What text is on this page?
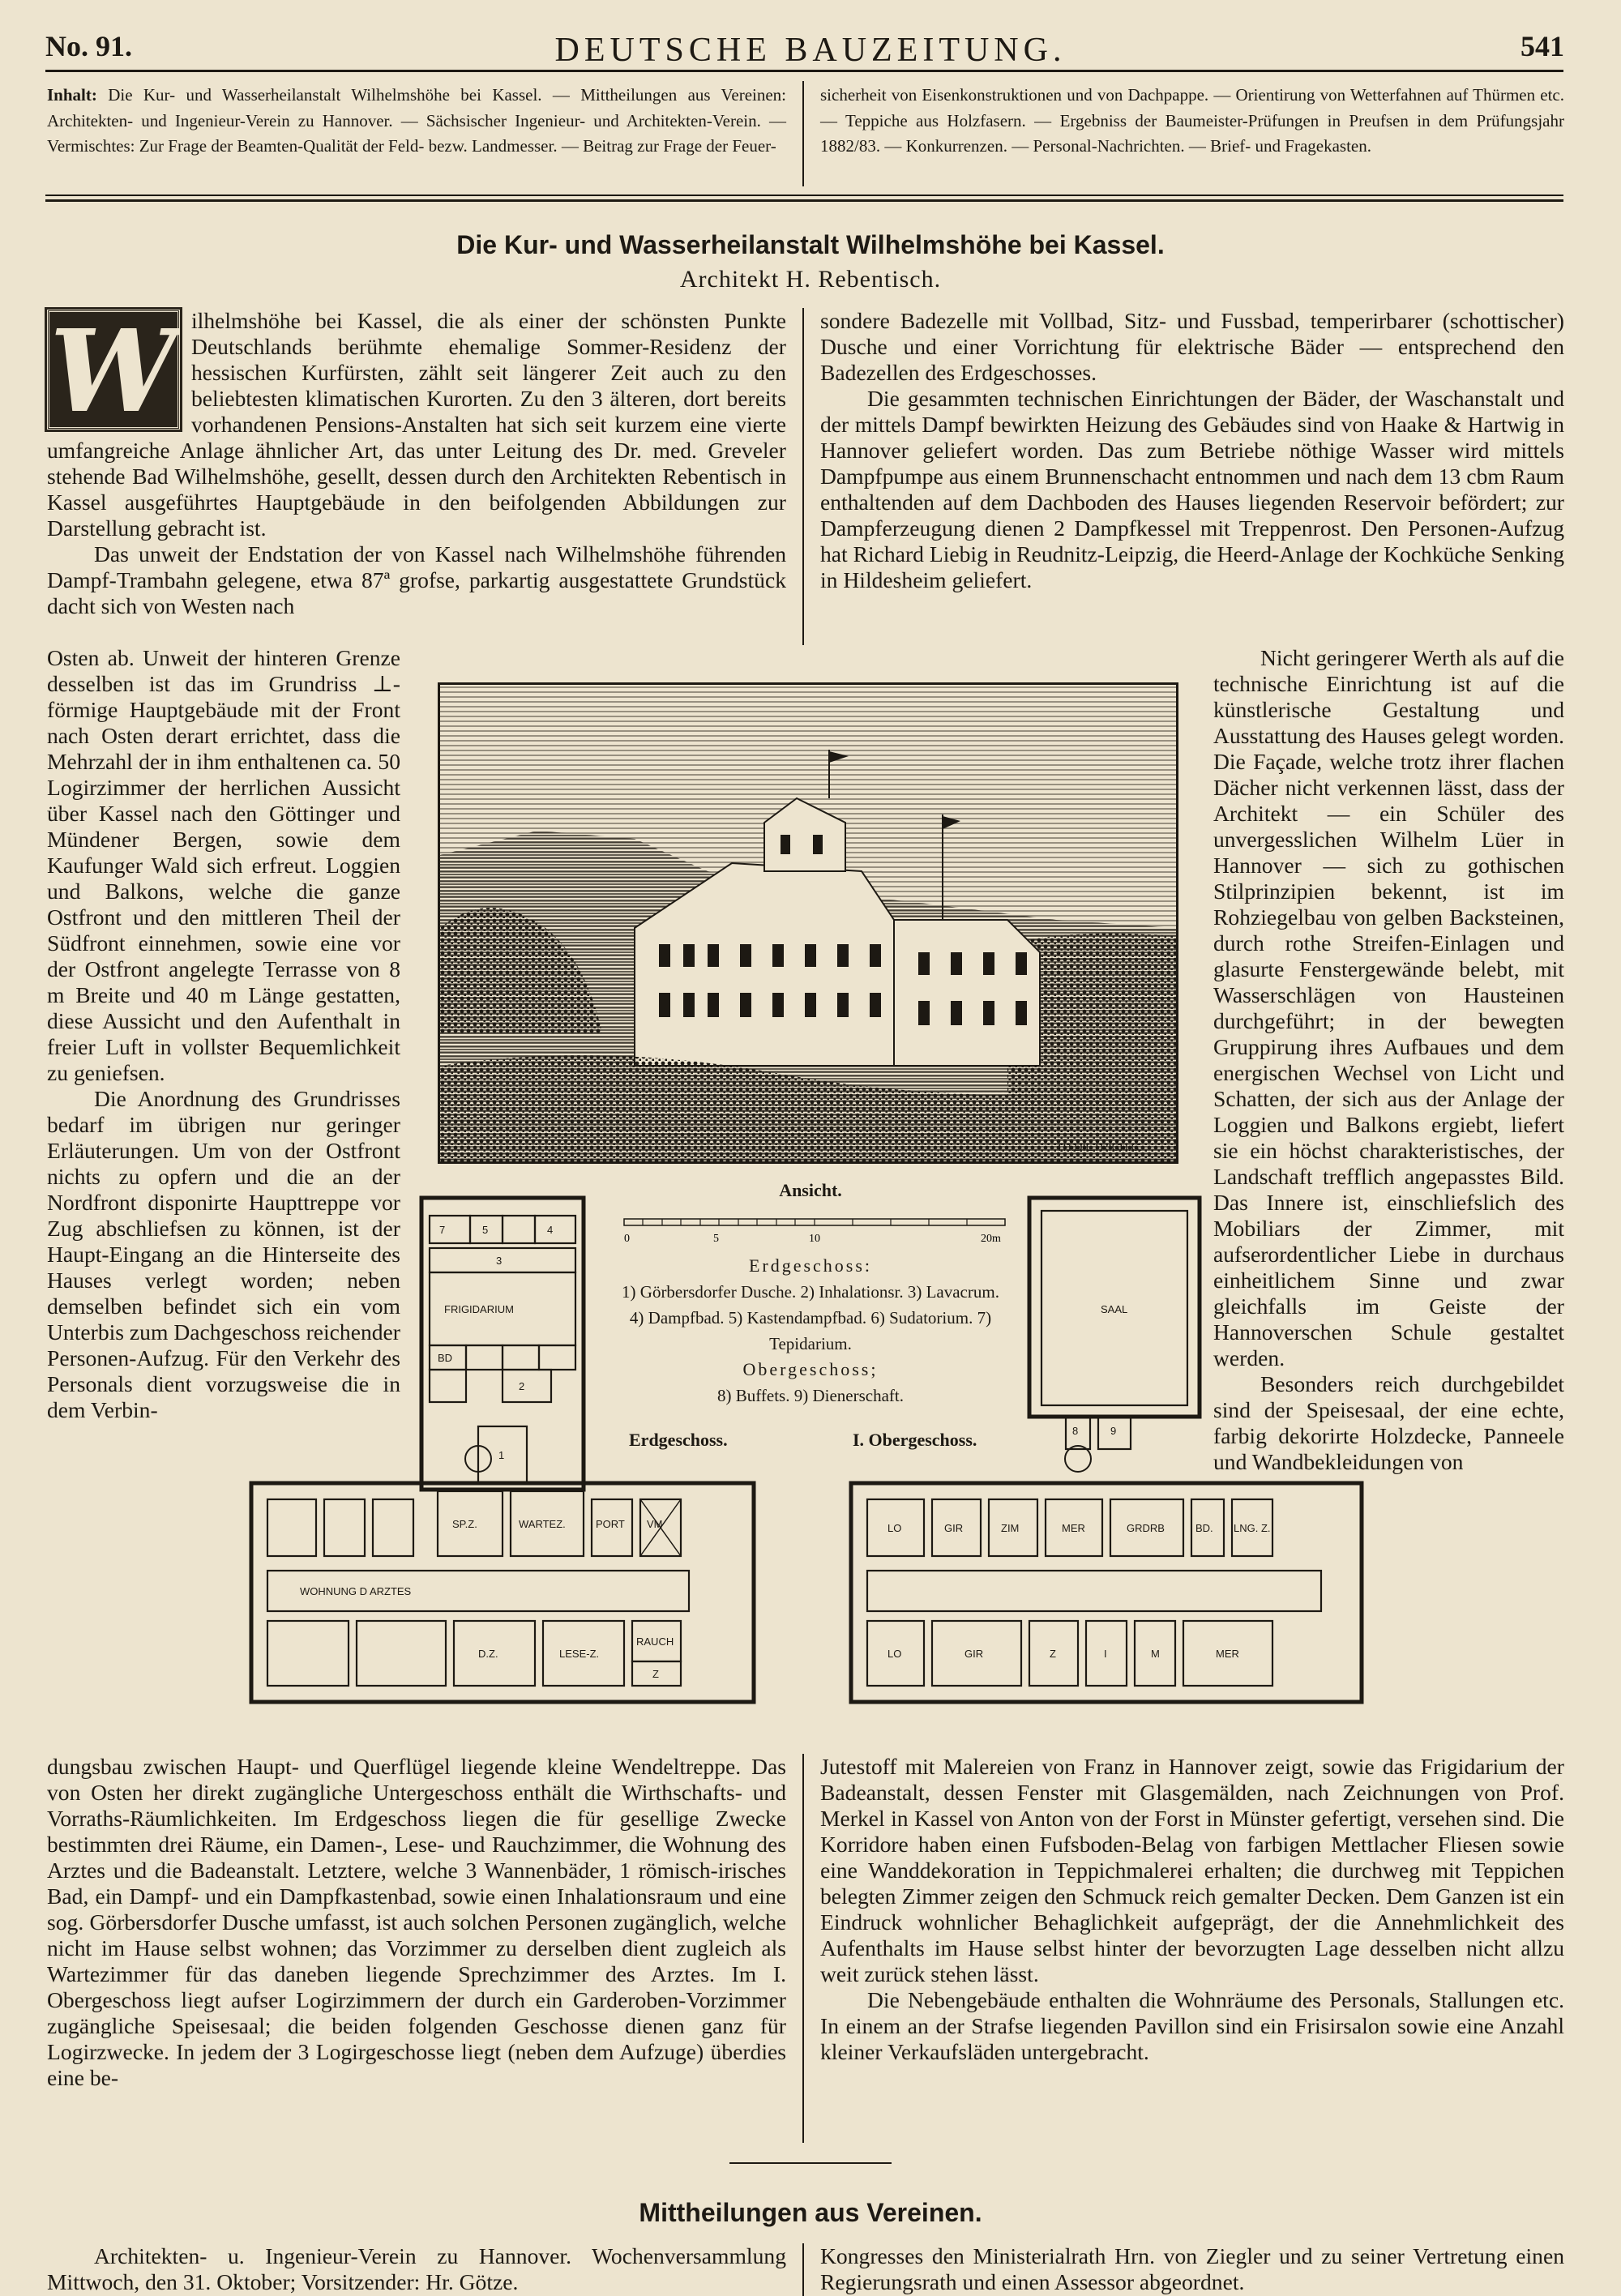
No. 91.	DEUTSCHE BAUZEITUNG.	541
Inhalt: Die Kur- und Wasserheilanstalt Wilhelmshöhe bei Kassel. — Mittheilungen aus Vereinen: Architekten- und Ingenieur-Verein zu Hannover. — Sächsischer Ingenieur- und Architekten-Verein. — Vermischtes: Zur Frage der Beamten-Qualität der Feld- bezw. Landmesser. — Beitrag zur Frage der Feuer-
sicherheit von Eisenkonstruktionen und von Dachpappe. — Orientirung von Wetterfahnen auf Thürmen etc. — Teppiche aus Holzfasern. — Ergebniss der Baumeister-Prüfungen in Preufsen in dem Prüfungsjahr 1882/83. — Konkurrenzen. — Personal-Nachrichten. — Brief- und Fragekasten.
Die Kur- und Wasserheilanstalt Wilhelmshöhe bei Kassel.
Architekt H. Rebentisch.
W ilhelmshöhe bei Kassel, die als einer der schönsten Punkte Deutschlands berühmte ehemalige Sommer-Residenz der hessischen Kurfürsten, zählt seit längerer Zeit auch zu den beliebtesten klimatischen Kurorten. Zu den 3 älteren, dort bereits vorhandenen Pensions-Anstalten hat sich seit kurzem eine vierte umfangreiche Anlage ähnlicher Art, das unter Leitung des Dr. med. Greveler stehende Bad Wilhelmshöhe, gesellt, dessen durch den Architekten Rebentisch in Kassel ausgeführtes Hauptgebäude in den beifolgenden Abbildungen zur Darstellung gebracht ist.

Das unweit der Endstation der von Kassel nach Wilhelmshöhe führenden Dampf-Trambahn gelegene, etwa 87ª grofse, parkartig ausgestattete Grundstück dacht sich von Westen nach

sondere Badezelle mit Vollbad, Sitz- und Fussbad, temperirbarer (schottischer) Dusche und einer Vorrichtung für elektrische Bäder — entsprechend den Badezellen des Erdgeschosses.

Die gesammten technischen Einrichtungen der Bäder, der Waschanstalt und der mittels Dampf bewirkten Heizung des Gebäudes sind von Haake & Hartwig in Hannover geliefert worden. Das zum Betriebe nöthige Wasser wird mittels Dampfpumpe aus einem Brunnenschacht entnommen und nach dem 13 cbm Raum enthaltenden auf dem Dachboden des Hauses liegenden Reservoir befördert; zur Dampferzeugung dienen 2 Dampfkessel mit Treppenrost. Den Personen-Aufzug hat Richard Liebig in Reudnitz-Leipzig, die Heerd-Anlage der Kochküche Senking in Hildesheim geliefert.

Osten ab. Unweit der hinteren Grenze desselben ist das im Grundriss ⊥-förmige Hauptgebäude mit der Front nach Osten derart errichtet, dass die Mehrzahl der in ihm enthaltenen ca. 50 Logirzimmer der herrlichen Aussicht über Kassel nach den Göttinger und Mündener Bergen, sowie dem Kaufunger Wald sich erfreut. Loggien und Balkons, welche die ganze Ostfront und den mittleren Theil der Südfront einnehmen, sowie eine vor der Ostfront angelegte Terrasse von 8 m Breite und 40 m Länge gestatten, diese Aussicht und den Aufenthalt in freier Luft in vollster Bequemlichkeit zu geniefsen.

Die Anordnung des Grundrisses bedarf im übrigen nur geringer Erläuterungen. Um von der Ostfront nichts zu opfern und die an der Nordfront disponirte Haupttreppe vor Zug abschliefsen zu können, ist der Haupt-Eingang an die Hinterseite des Hauses verlegt worden; neben demselben befindet sich ein vom Unterbis zum Dachgeschoss reichender Personen-Aufzug. Für den Verkehr des Personals dient vorzugsweise die in dem Verbin-

Nicht geringerer Werth als auf die technische Einrichtung ist auf die künstlerische Gestaltung und Ausstattung des Hauses gelegt worden. Die Façade, welche trotz ihrer flachen Dächer nicht verkennen lässt, dass der Architekt — ein Schüler des unvergesslichen Wilhelm Lüer in Hannover — sich zu gothischen Stilprinzipien bekennt, ist im Rohziegelbau von gelben Backsteinen, durch rothe Streifen-Einlagen und glasurte Fenstergewände belebt, mit Wasserschlägen von Hausteinen durchgeführt; in der bewegten Gruppirung ihres Aufbaues und dem energischen Wechsel von Licht und Schatten, der sich aus der Anlage der Loggien und Balkons ergiebt, liefert sie ein höchst charakteristisches, der Landschaft trefflich angepasstes Bild. Das Innere ist, einschliefslich des Mobiliars der Zimmer, mit aufserordentlicher Liebe in durchaus einheitlichem Sinne und zwar gleichfalls im Geiste der Hannoverschen Schule gestaltet werden.

Besonders reich durchgebildet sind der Speisesaal, der eine echte, farbig dekorirte Holzdecke, Panneele und Wandbekleidungen von

TH.DIETRICH.C.
Ansicht.
0	5	10	20m
Erdgeschoss:
1) Görbersdorfer Dusche. 2) Inhalationsr. 3) Lavacrum. 4) Dampfbad. 5) Kastendampfbad. 6) Sudatorium. 7) Tepidarium.
Obergeschoss;
8) Buffets. 9) Dienerschaft.
Erdgeschoss.	I. Obergeschoss.
FRIGIDARIUM
7	5	4
3
BD
2
1
SP.Z.	WARTEZ.	PORT VM
WOHNUNG D ARZTES
D.Z.	LESE-Z.
RAUCH
Z
SAAL
8	9
LO	GIR	ZIM	MER	GRDRB	BD. LNG. Z.
LO	GIR	Z	I	M	MER

dungsbau zwischen Haupt- und Querflügel liegende kleine Wendeltreppe. Das von Osten her direkt zugängliche Untergeschoss enthält die Wirthschafts- und Vorraths-Räumlichkeiten. Im Erdgeschoss liegen die für gesellige Zwecke bestimmten drei Räume, ein Damen-, Lese- und Rauchzimmer, die Wohnung des Arztes und die Badeanstalt. Letztere, welche 3 Wannenbäder, 1 römisch-irisches Bad, ein Dampf- und ein Dampfkastenbad, sowie einen Inhalationsraum und eine sog. Görbersdorfer Dusche umfasst, ist auch solchen Personen zugänglich, welche nicht im Hause selbst wohnen; das Vorzimmer zu derselben dient zugleich als Wartezimmer für das daneben liegende Sprechzimmer des Arztes. Im I. Obergeschoss liegt aufser Logirzimmern der durch ein Garderoben-Vorzimmer zugängliche Speisesaal; die beiden folgenden Geschosse dienen ganz für Logirzwecke. In jedem der 3 Logirgeschosse liegt (neben dem Aufzuge) überdies eine be-

Jutestoff mit Malereien von Franz in Hannover zeigt, sowie das Frigidarium der Badeanstalt, dessen Fenster mit Glasgemälden, nach Zeichnungen von Prof. Merkel in Kassel von Anton von der Forst in Münster gefertigt, versehen sind. Die Korridore haben einen Fufsboden-Belag von farbigen Mettlacher Fliesen sowie eine Wanddekoration in Teppichmalerei erhalten; die durchweg mit Teppichen belegten Zimmer zeigen den Schmuck reich gemalter Decken. Dem Ganzen ist ein Eindruck wohnlicher Behaglichkeit aufgeprägt, der die Annehmlichkeit des Aufenthalts im Hause selbst hinter der bevorzugten Lage desselben nicht allzu weit zurück stehen lässt.

Die Nebengebäude enthalten die Wohnräume des Personals, Stallungen etc. In einem an der Strafse liegenden Pavillon sind ein Frisirsalon sowie eine Anzahl kleiner Verkaufsläden untergebracht.

Mittheilungen aus Vereinen.

Architekten- u. Ingenieur-Verein zu Hannover. Wochenversammlung Mittwoch, den 31. Oktober; Vorsitzender: Hr. Götze.

Kongresses den Ministerialrath Hrn. von Ziegler und zu seiner Vertretung einen Regierungsrath und einen Assessor abgeordnet.
